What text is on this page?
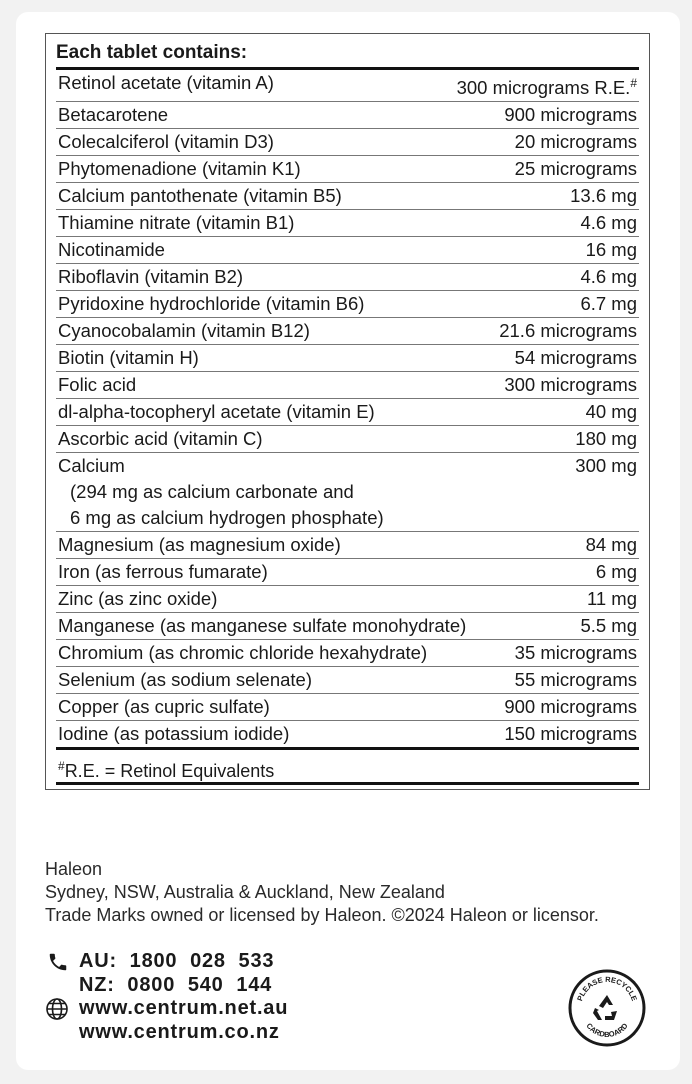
Each tablet contains:
Retinol acetate (vitamin A)	300 micrograms R.E.#
Betacarotene	900 micrograms
Colecalciferol (vitamin D3)	20 micrograms
Phytomenadione (vitamin K1)	25 micrograms
Calcium pantothenate (vitamin B5)	13.6 mg
Thiamine nitrate (vitamin B1)	4.6 mg
Nicotinamide	16 mg
Riboflavin (vitamin B2)	4.6 mg
Pyridoxine hydrochloride (vitamin B6)	6.7 mg
Cyanocobalamin (vitamin B12)	21.6 micrograms
Biotin (vitamin H)	54 micrograms
Folic acid	300 micrograms
dl-alpha-tocopheryl acetate (vitamin E)	40 mg
Ascorbic acid (vitamin C)	180 mg
Calcium	300 mg
(294 mg as calcium carbonate and
6 mg as calcium hydrogen phosphate)
Magnesium (as magnesium oxide)	84 mg
Iron (as ferrous fumarate)	6 mg
Zinc (as zinc oxide)	11 mg
Manganese (as manganese sulfate monohydrate)	5.5 mg
Chromium (as chromic chloride hexahydrate)	35 micrograms
Selenium (as sodium selenate)	55 micrograms
Copper (as cupric sulfate)	900 micrograms
Iodine (as potassium iodide)	150 micrograms
#R.E. = Retinol Equivalents
Haleon
Sydney, NSW, Australia & Auckland, New Zealand
Trade Marks owned or licensed by Haleon. ©2024 Haleon or licensor.
AU:  1800  028  533
NZ:  0800  540  144
www.centrum.net.au
www.centrum.co.nz
PLEASE RECYCLE
CARDBOARD
